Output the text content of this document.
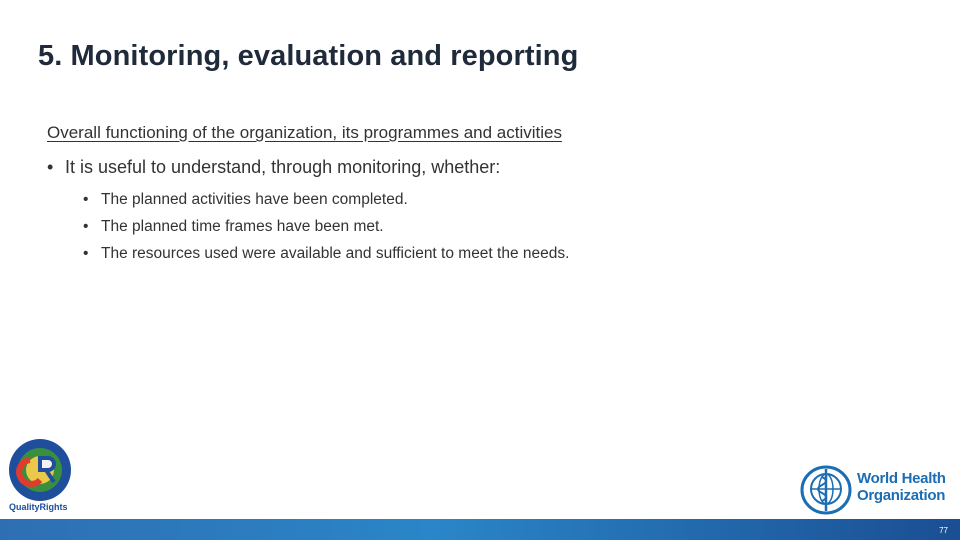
5. Monitoring, evaluation and reporting
Overall functioning of the organization, its programmes and activities
• It is useful to understand, through monitoring, whether:
• The planned activities have been completed.
• The planned time frames have been met.
• The resources used were available and sufficient to meet the needs.
QualityRights
World Health
Organization
77
